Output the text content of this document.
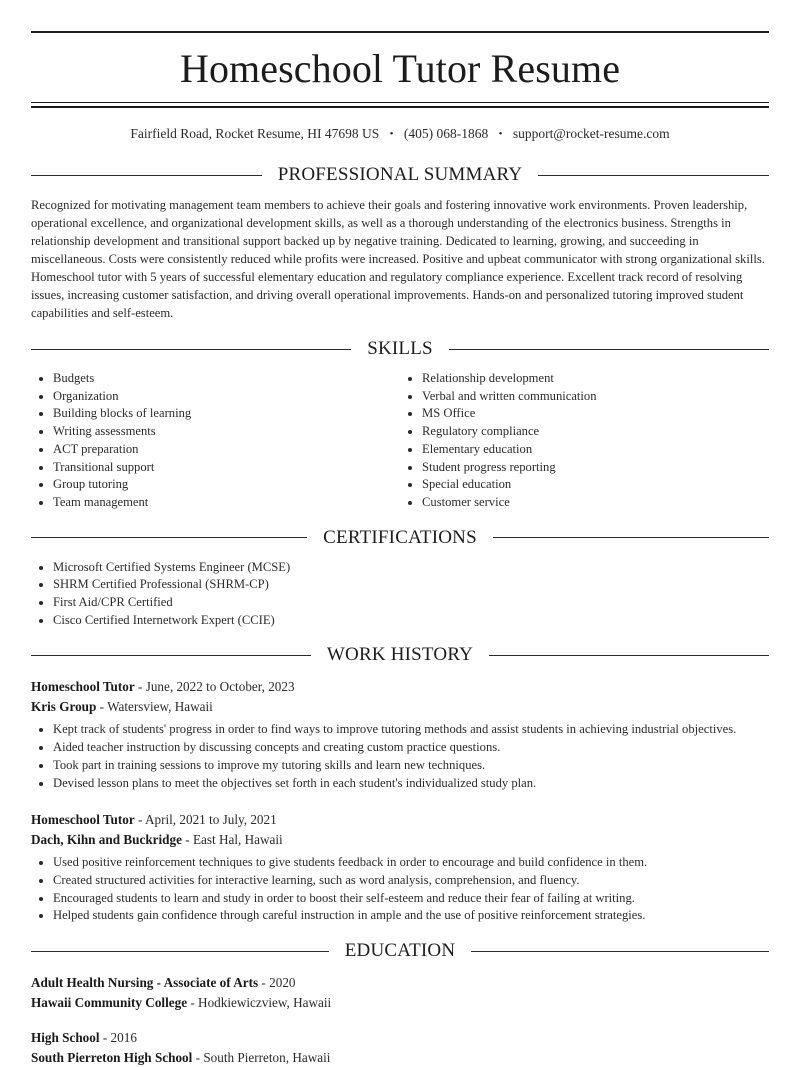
Homeschool Tutor Resume
Fairfield Road, Rocket Resume, HI 47698 US • (405) 068-1868 • support@rocket-resume.com
PROFESSIONAL SUMMARY

Recognized for motivating management team members to achieve their goals and fostering innovative work environments. Proven leadership, operational excellence, and organizational development skills, as well as a thorough understanding of the electronics business. Strengths in relationship development and transitional support backed up by negative training. Dedicated to learning, growing, and succeeding in miscellaneous. Costs were consistently reduced while profits were increased. Positive and upbeat communicator with strong organizational skills. Homeschool tutor with 5 years of successful elementary education and regulatory compliance experience. Excellent track record of resolving issues, increasing customer satisfaction, and driving overall operational improvements. Hands-on and personalized tutoring improved student capabilities and self-esteem.

SKILLS
• Budgets
• Organization
• Building blocks of learning
• Writing assessments
• ACT preparation
• Transitional support
• Group tutoring
• Team management
• Relationship development
• Verbal and written communication
• MS Office
• Regulatory compliance
• Elementary education
• Student progress reporting
• Special education
• Customer service
CERTIFICATIONS
• Microsoft Certified Systems Engineer (MCSE)
• SHRM Certified Professional (SHRM-CP)
• First Aid/CPR Certified
• Cisco Certified Internetwork Expert (CCIE)
WORK HISTORY
Homeschool Tutor - June, 2022 to October, 2023
Kris Group - Watersview, Hawaii
• Kept track of students' progress in order to find ways to improve tutoring methods and assist students in achieving industrial objectives.
• Aided teacher instruction by discussing concepts and creating custom practice questions.
• Took part in training sessions to improve my tutoring skills and learn new techniques.
• Devised lesson plans to meet the objectives set forth in each student's individualized study plan.
Homeschool Tutor - April, 2021 to July, 2021
Dach, Kihn and Buckridge - East Hal, Hawaii
• Used positive reinforcement techniques to give students feedback in order to encourage and build confidence in them.
• Created structured activities for interactive learning, such as word analysis, comprehension, and fluency.
• Encouraged students to learn and study in order to boost their self-esteem and reduce their fear of failing at writing.
• Helped students gain confidence through careful instruction in ample and the use of positive reinforcement strategies.
EDUCATION
Adult Health Nursing - Associate of Arts - 2020
Hawaii Community College - Hodkiewiczview, Hawaii
High School - 2016
South Pierreton High School - South Pierreton, Hawaii
